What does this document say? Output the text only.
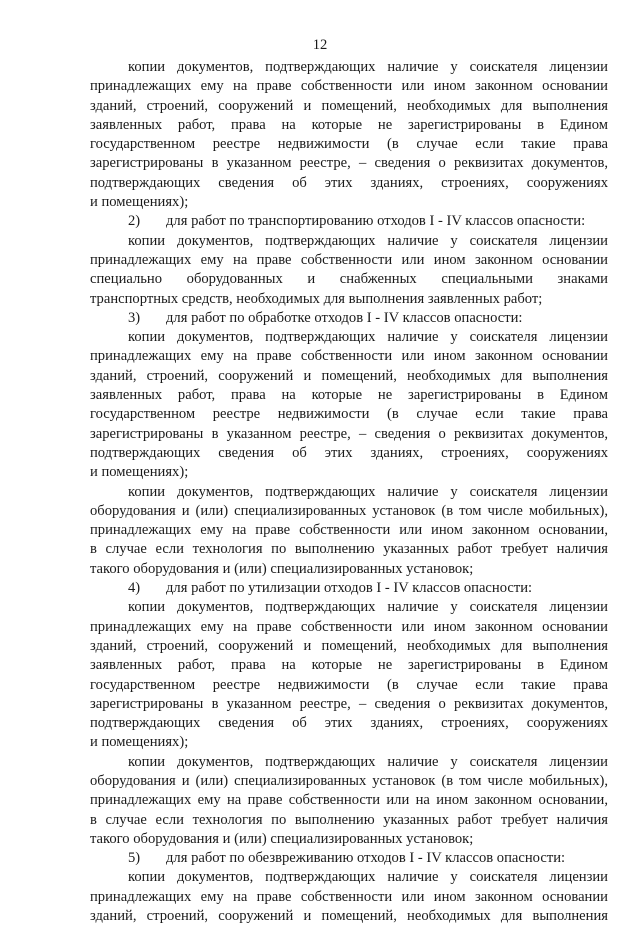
12
копии документов, подтверждающих наличие у соискателя лицензии
принадлежащих ему на праве собственности или ином законном основании
зданий, строений, сооружений и помещений, необходимых для выполнения
заявленных работ, права на которые не зарегистрированы в Едином
государственном реестре недвижимости (в случае если такие права
зарегистрированы в указанном реестре, – сведения о реквизитах документов,
подтверждающих сведения об этих зданиях, строениях, сооружениях
и помещениях);
2) для работ по транспортированию отходов I - IV классов опасности:
копии документов, подтверждающих наличие у соискателя лицензии
принадлежащих ему на праве собственности или ином законном основании
специально оборудованных и снабженных специальными знаками
транспортных средств, необходимых для выполнения заявленных работ;
3) для работ по обработке отходов I - IV классов опасности:
копии документов, подтверждающих наличие у соискателя лицензии
принадлежащих ему на праве собственности или ином законном основании
зданий, строений, сооружений и помещений, необходимых для выполнения
заявленных работ, права на которые не зарегистрированы в Едином
государственном реестре недвижимости (в случае если такие права
зарегистрированы в указанном реестре, – сведения о реквизитах документов,
подтверждающих сведения об этих зданиях, строениях, сооружениях
и помещениях);
копии документов, подтверждающих наличие у соискателя лицензии
оборудования и (или) специализированных установок (в том числе мобильных),
принадлежащих ему на праве собственности или ином законном основании,
в случае если технология по выполнению указанных работ требует наличия
такого оборудования и (или) специализированных установок;
4) для работ по утилизации отходов I - IV классов опасности:
копии документов, подтверждающих наличие у соискателя лицензии
принадлежащих ему на праве собственности или ином законном основании
зданий, строений, сооружений и помещений, необходимых для выполнения
заявленных работ, права на которые не зарегистрированы в Едином
государственном реестре недвижимости (в случае если такие права
зарегистрированы в указанном реестре, – сведения о реквизитах документов,
подтверждающих сведения об этих зданиях, строениях, сооружениях
и помещениях);
копии документов, подтверждающих наличие у соискателя лицензии
оборудования и (или) специализированных установок (в том числе мобильных),
принадлежащих ему на праве собственности или на ином законном основании,
в случае если технология по выполнению указанных работ требует наличия
такого оборудования и (или) специализированных установок;
5) для работ по обезвреживанию отходов I - IV классов опасности:
копии документов, подтверждающих наличие у соискателя лицензии
принадлежащих ему на праве собственности или ином законном основании
зданий, строений, сооружений и помещений, необходимых для выполнения
